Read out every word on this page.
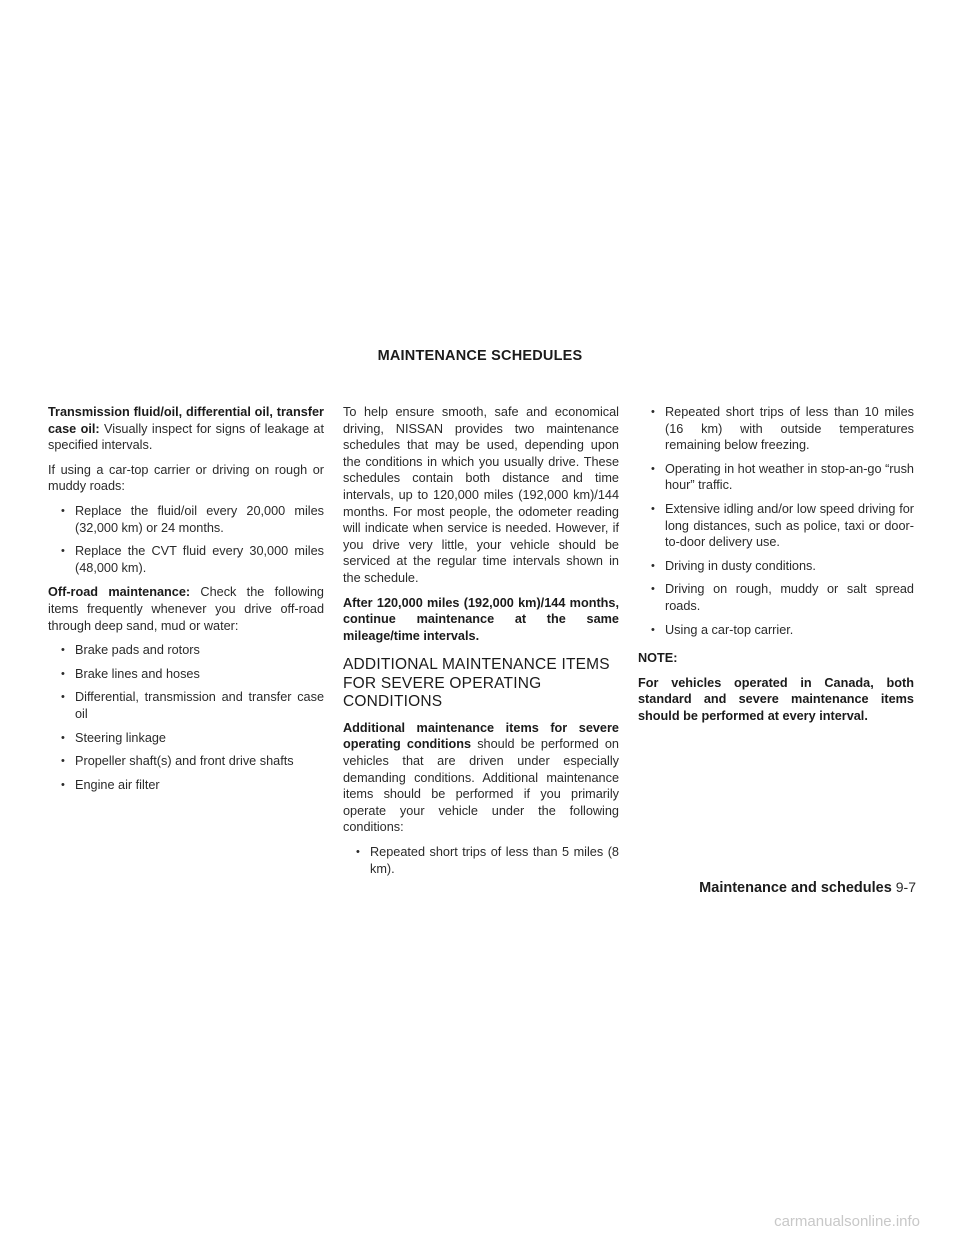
MAINTENANCE SCHEDULES

Transmission fluid/oil, differential oil, transfer case oil: Visually inspect for signs of leakage at specified intervals.

If using a car-top carrier or driving on rough or muddy roads:

• Replace the fluid/oil every 20,000 miles (32,000 km) or 24 months.
• Replace the CVT fluid every 30,000 miles (48,000 km).

Off-road maintenance: Check the following items frequently whenever you drive off-road through deep sand, mud or water:

• Brake pads and rotors
• Brake lines and hoses
• Differential, transmission and transfer case oil
• Steering linkage
• Propeller shaft(s) and front drive shafts
• Engine air filter

To help ensure smooth, safe and economical driving, NISSAN provides two maintenance schedules that may be used, depending upon the conditions in which you usually drive. These schedules contain both distance and time intervals, up to 120,000 miles (192,000 km)/144 months. For most people, the odometer reading will indicate when service is needed. However, if you drive very little, your vehicle should be serviced at the regular time intervals shown in the schedule.

After 120,000 miles (192,000 km)/144 months, continue maintenance at the same mileage/time intervals.

ADDITIONAL MAINTENANCE ITEMS FOR SEVERE OPERATING CONDITIONS

Additional maintenance items for severe operating conditions should be performed on vehicles that are driven under especially demanding conditions. Additional maintenance items should be performed if you primarily operate your vehicle under the following conditions:

• Repeated short trips of less than 5 miles (8 km).
• Repeated short trips of less than 10 miles (16 km) with outside temperatures remaining below freezing.
• Operating in hot weather in stop-an-go “rush hour” traffic.
• Extensive idling and/or low speed driving for long distances, such as police, taxi or door-to-door delivery use.
• Driving in dusty conditions.
• Driving on rough, muddy or salt spread roads.
• Using a car-top carrier.

NOTE:

For vehicles operated in Canada, both standard and severe maintenance items should be performed at every interval.

Maintenance and schedules 9-7
carmanualsonline.info
